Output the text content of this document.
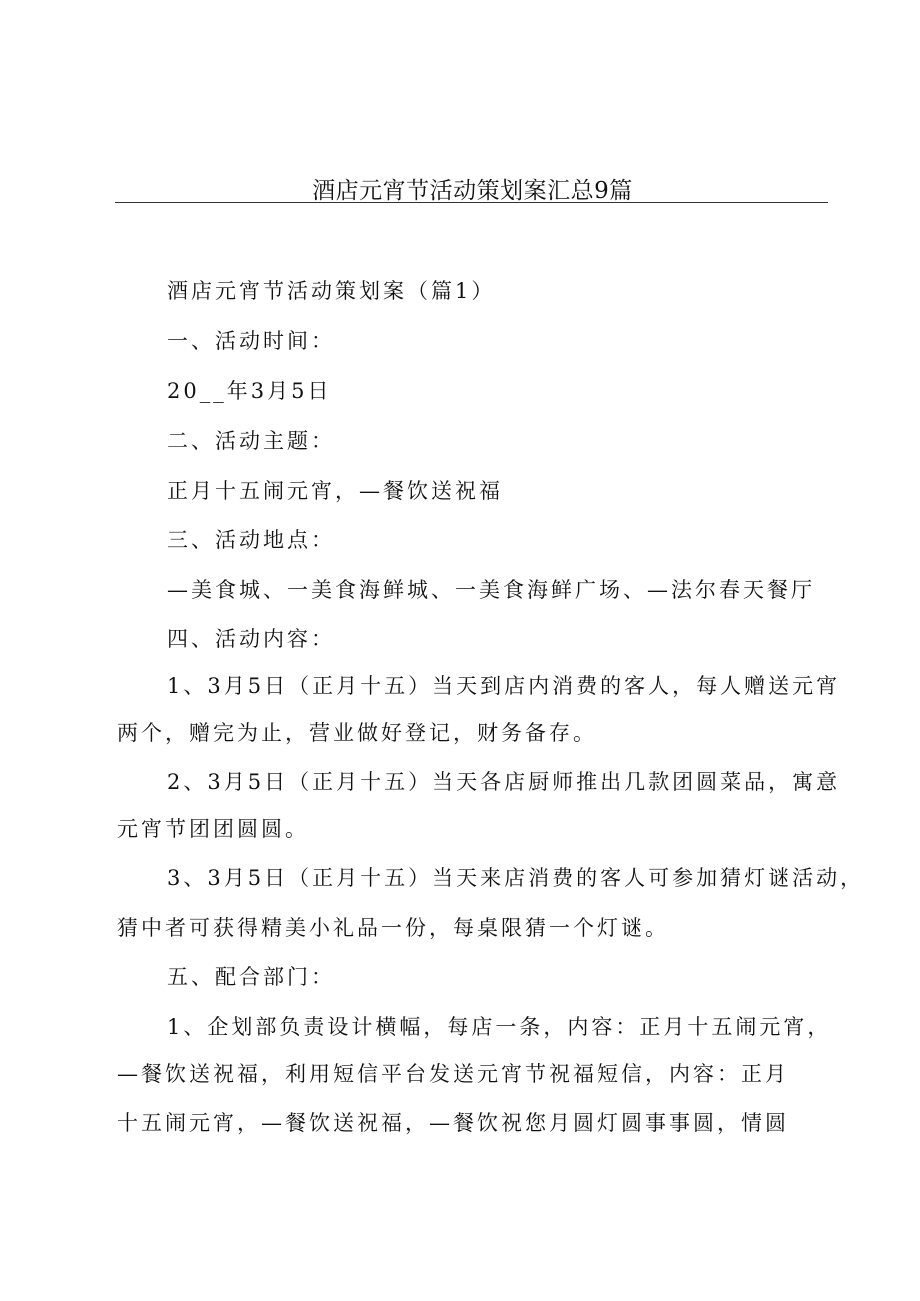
酒店元宵节活动策划案汇总9篇
酒店元宵节活动策划案（篇1）
一、活动时间：
20__年3月5日
二、活动主题：
正月十五闹元宵，—餐饮送祝福
三、活动地点：
—美食城、一美食海鲜城、一美食海鲜广场、—法尔春天餐厅
四、活动内容：
1、3月5日（正月十五）当天到店内消费的客人，每人赠送元宵
两个，赠完为止，营业做好登记，财务备存。
2、3月5日（正月十五）当天各店厨师推出几款团圆菜品，寓意
元宵节团团圆圆。
3、3月5日（正月十五）当天来店消费的客人可参加猜灯谜活动，
猜中者可获得精美小礼品一份，每桌限猜一个灯谜。
五、配合部门：
1、企划部负责设计横幅，每店一条，内容：正月十五闹元宵，
—餐饮送祝福，利用短信平台发送元宵节祝福短信，内容：正月
十五闹元宵，—餐饮送祝福，—餐饮祝您月圆灯圆事事圆，情圆
